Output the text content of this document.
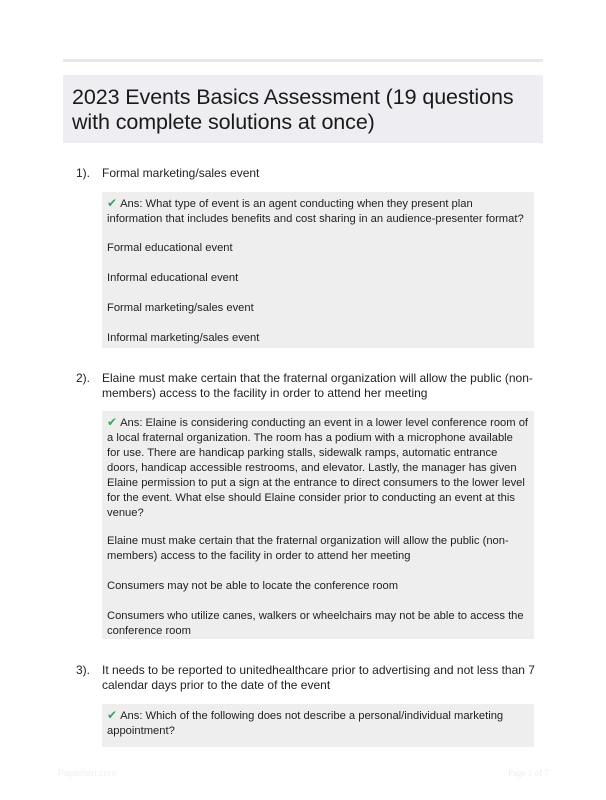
2023 Events Basics Assessment (19 questions with complete solutions at once)
1). Formal marketing/sales event

✔ Ans: What type of event is an agent conducting when they present plan information that includes benefits and cost sharing in an audience-presenter format?

Formal educational event

Informal educational event

Formal marketing/sales event

Informal marketing/sales event

2). Elaine must make certain that the fraternal organization will allow the public (non-members) access to the facility in order to attend her meeting

✔ Ans: Elaine is considering conducting an event in a lower level conference room of a local fraternal organization. The room has a podium with a microphone available for use. There are handicap parking stalls, sidewalk ramps, automatic entrance doors, handicap accessible restrooms, and elevator. Lastly, the manager has given Elaine permission to put a sign at the entrance to direct consumers to the lower level for the event. What else should Elaine consider prior to conducting an event at this venue?

Elaine must make certain that the fraternal organization will allow the public (non-members) access to the facility in order to attend her meeting

Consumers may not be able to locate the conference room

Consumers who utilize canes, walkers or wheelchairs may not be able to access the conference room

3). It needs to be reported to unitedhealthcare prior to advertising and not less than 7 calendar days prior to the date of the event

✔ Ans: Which of the following does not describe a personal/individual marketing appointment?

Paperhitn.com	Page 1 of 7
